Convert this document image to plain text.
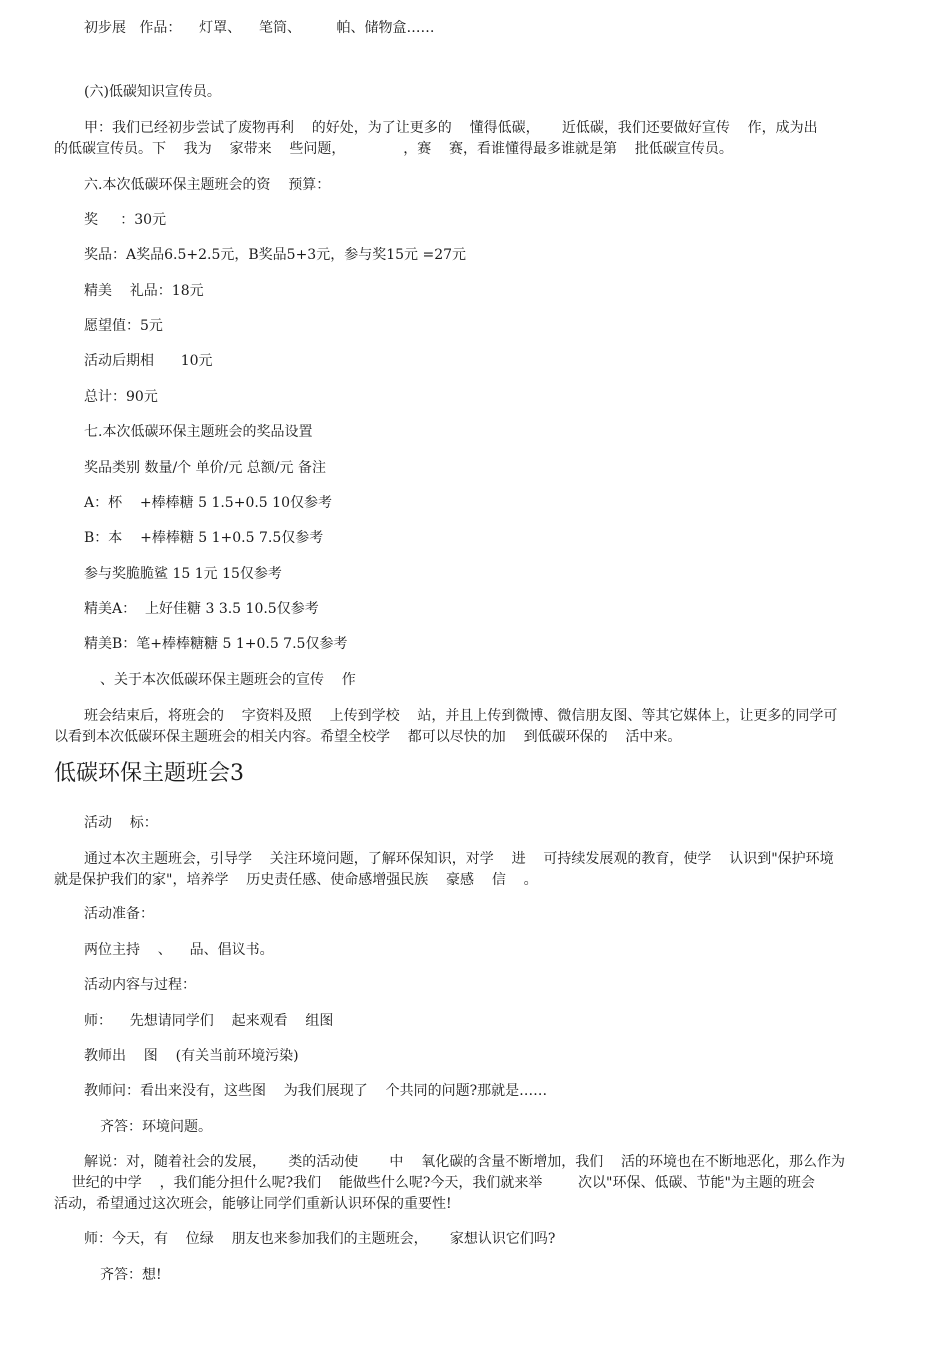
初步展   作品：    灯罩、    笔筒、        帕、储物盒……

(六)低碳知识宣传员。

甲：我们已经初步尝试了废物再利    的好处，为了让更多的    懂得低碳，     近低碳，我们还要做好宣传    作，成为出

的低碳宣传员。下    我为    家带来    些问题，             ，赛    赛，看谁懂得最多谁就是第    批低碳宣传员。

六.本次低碳环保主题班会的资    预算：

奖     ：30元

奖品：A奖品6.5+2.5元，B奖品5+3元，参与奖15元 =27元

精美    礼品：18元

愿望值：5元

活动后期相      10元

总计：90元

七.本次低碳环保主题班会的奖品设置

奖品类别 数量/个 单价/元 总额/元 备注

A：杯    +棒棒糖 5 1.5+0.5 10仅参考

B：本    +棒棒糖 5 1+0.5 7.5仅参考

参与奖脆脆鲨 15 1元 15仅参考

精美A：  上好佳糖 3 3.5 10.5仅参考

精美B：笔+棒棒糖糖 5 1+0.5 7.5仅参考

、关于本次低碳环保主题班会的宣传    作

班会结束后，将班会的    字资料及照    上传到学校    站，并且上传到微博、微信朋友图、等其它媒体上，让更多的同学可

以看到本次低碳环保主题班会的相关内容。希望全校学    都可以尽快的加    到低碳环保的    活中来。

低碳环保主题班会3

活动    标：

通过本次主题班会，引导学    关注环境问题，了解环保知识，对学    进    可持续发展观的教育，使学    认识到"保护环境

就是保护我们的家"，培养学    历史责任感、使命感增强民族    豪感    信    。

活动准备：

两位主持    、    品、倡议书。

活动内容与过程：

师：    先想请同学们    起来观看    组图

教师出    图    (有关当前环境污染)

教师问：看出来没有，这些图    为我们展现了    个共同的问题?那就是……

齐答：环境问题。

解说：对，随着社会的发展，     类的活动使       中    氧化碳的含量不断增加，我们    活的环境也在不断地恶化，那么作为

世纪的中学    ，我们能分担什么呢?我们    能做些什么呢?今天，我们就来举        次以"环保、低碳、节能"为主题的班会

活动，希望通过这次班会，能够让同学们重新认识环保的重要性!

师：今天，有    位绿    朋友也来参加我们的主题班会，     家想认识它们吗?

齐答：想!
